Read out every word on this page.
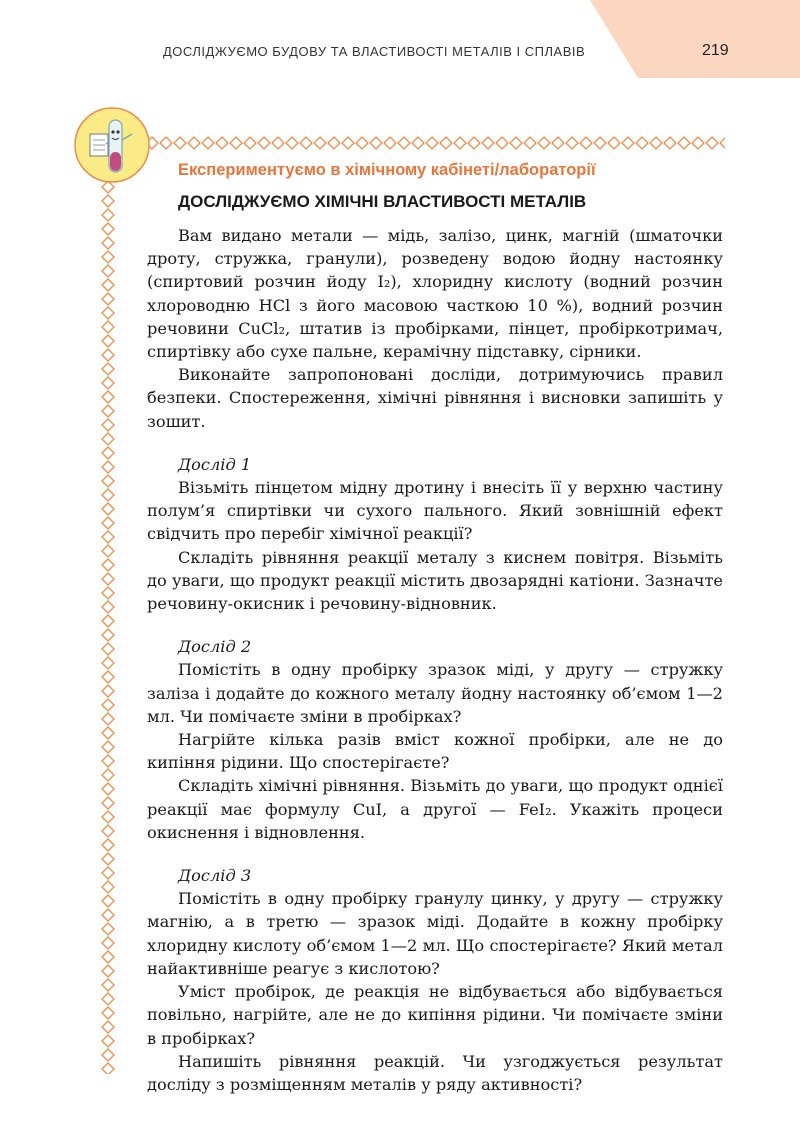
ДОСЛІДЖУЄМО БУДОВУ ТА ВЛАСТИВОСТІ МЕТАЛІВ І СПЛАВІВ	219
Експериментуємо в хімічному кабінеті/лабораторії
ДОСЛІДЖУЄМО ХІМІЧНІ ВЛАСТИВОСТІ МЕТАЛІВ

Вам видано метали — мідь, залізо, цинк, магній (шматочки дроту, стружка, гранули), розведену водою йодну настоянку (спиртовий розчин йоду I₂), хлоридну кислоту (водний розчин хлороводню HCl з його масовою часткою 10 %), водний розчин речовини CuCl₂, штатив із пробірками, пінцет, пробіркотримач, спиртівку або сухе пальне, керамічну підставку, сірники.

Виконайте запропоновані досліди, дотримуючись правил безпеки. Спостереження, хімічні рівняння і висновки запишіть у зошит.

Дослід 1

Візьміть пінцетом мідну дротину і внесіть її у верхню частину полум’я спиртівки чи сухого пального. Який зовнішній ефект свідчить про перебіг хімічної реакції?

Складіть рівняння реакції металу з киснем повітря. Візьміть до уваги, що продукт реакції містить двозарядні катіони. Зазначте речовину-окисник і речовину-відновник.

Дослід 2

Помістіть в одну пробірку зразок міді, у другу — стружку заліза і додайте до кожного металу йодну настоянку об’ємом 1—2 мл. Чи помічаєте зміни в пробірках?

Нагрійте кілька разів вміст кожної пробірки, але не до кипіння рідини. Що спостерігаєте?

Складіть хімічні рівняння. Візьміть до уваги, що продукт однієї реакції має формулу CuI, а другої — FeI₂. Укажіть процеси окиснення і відновлення.

Дослід 3

Помістіть в одну пробірку гранулу цинку, у другу — стружку магнію, а в третю — зразок міді. Додайте в кожну пробірку хлоридну кислоту об’ємом 1—2 мл. Що спостерігаєте? Який метал найактивніше реагує з кислотою?

Уміст пробірок, де реакція не відбувається або відбувається повільно, нагрійте, але не до кипіння рідини. Чи помічаєте зміни в пробірках?

Напишіть рівняння реакцій. Чи узгоджується результат досліду з розміщенням металів у ряду активності?
